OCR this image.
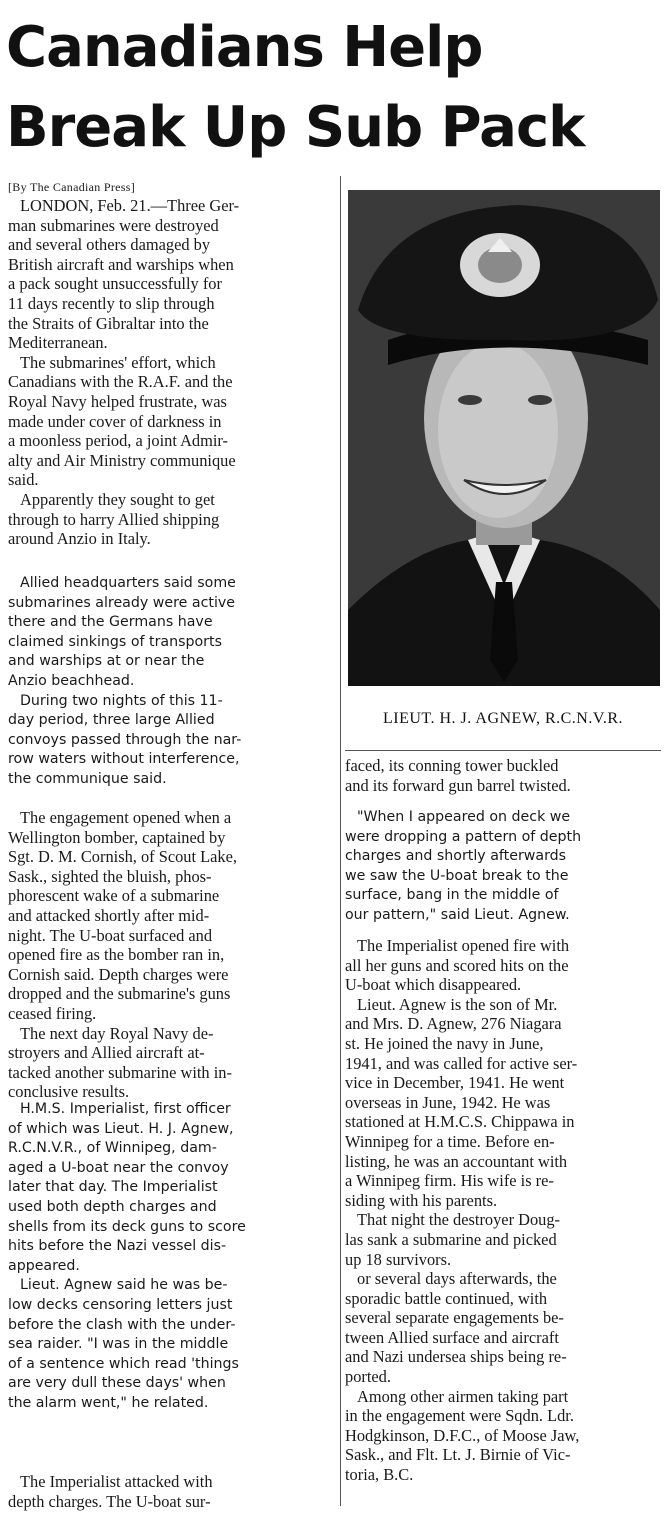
Canadians Help
Break Up Sub Pack
[By The Canadian Press]

LONDON, Feb. 21.—Three Ger-
man submarines were destroyed
and several others damaged by
British aircraft and warships when
a pack sought unsuccessfully for
11 days recently to slip through
the Straits of Gibraltar into the
Mediterranean.

The submarines' effort, which
Canadians with the R.A.F. and the
Royal Navy helped frustrate, was
made under cover of darkness in
a moonless period, a joint Admir-
alty and Air Ministry communique
said.

Apparently they sought to get
through to harry Allied shipping
around Anzio in Italy.

Allied headquarters said some
submarines already were active
there and the Germans have
claimed sinkings of transports
and warships at or near the
Anzio beachhead.

During two nights of this 11-
day period, three large Allied
convoys passed through the nar-
row waters without interference,
the communique said.

The engagement opened when a
Wellington bomber, captained by
Sgt. D. M. Cornish, of Scout Lake,
Sask., sighted the bluish, phos-
phorescent wake of a submarine
and attacked shortly after mid-
night. The U-boat surfaced and
opened fire as the bomber ran in,
Cornish said. Depth charges were
dropped and the submarine's guns
ceased firing.

The next day Royal Navy de-
stroyers and Allied aircraft at-
tacked another submarine with in-
conclusive results.

H.M.S. Imperialist, first officer
of which was Lieut. H. J. Agnew,
R.C.N.V.R., of Winnipeg, dam-
aged a U-boat near the convoy
later that day. The Imperialist
used both depth charges and
shells from its deck guns to score
hits before the Nazi vessel dis-
appeared.

Lieut. Agnew said he was be-
low decks censoring letters just
before the clash with the under-
sea raider. "I was in the middle
of a sentence which read 'things
are very dull these days' when
the alarm went," he related.

The Imperialist attacked with
depth charges. The U-boat sur-

LIEUT. H. J. AGNEW, R.C.N.V.R.

faced, its conning tower buckled
and its forward gun barrel twisted.

"When I appeared on deck we
were dropping a pattern of depth
charges and shortly afterwards
we saw the U-boat break to the
surface, bang in the middle of
our pattern," said Lieut. Agnew.

The Imperialist opened fire with
all her guns and scored hits on the
U-boat which disappeared.

Lieut. Agnew is the son of Mr.
and Mrs. D. Agnew, 276 Niagara
st. He joined the navy in June,
1941, and was called for active ser-
vice in December, 1941. He went
overseas in June, 1942. He was
stationed at H.M.C.S. Chippawa in
Winnipeg for a time. Before en-
listing, he was an accountant with
a Winnipeg firm. His wife is re-
siding with his parents.

That night the destroyer Doug-
las sank a submarine and picked
up 18 survivors.

or several days afterwards, the
sporadic battle continued, with
several separate engagements be-
tween Allied surface and aircraft
and Nazi undersea ships being re-
ported.

Among other airmen taking part
in the engagement were Sqdn. Ldr.
Hodgkinson, D.F.C., of Moose Jaw,
Sask., and Flt. Lt. J. Birnie of Vic-
toria, B.C.
